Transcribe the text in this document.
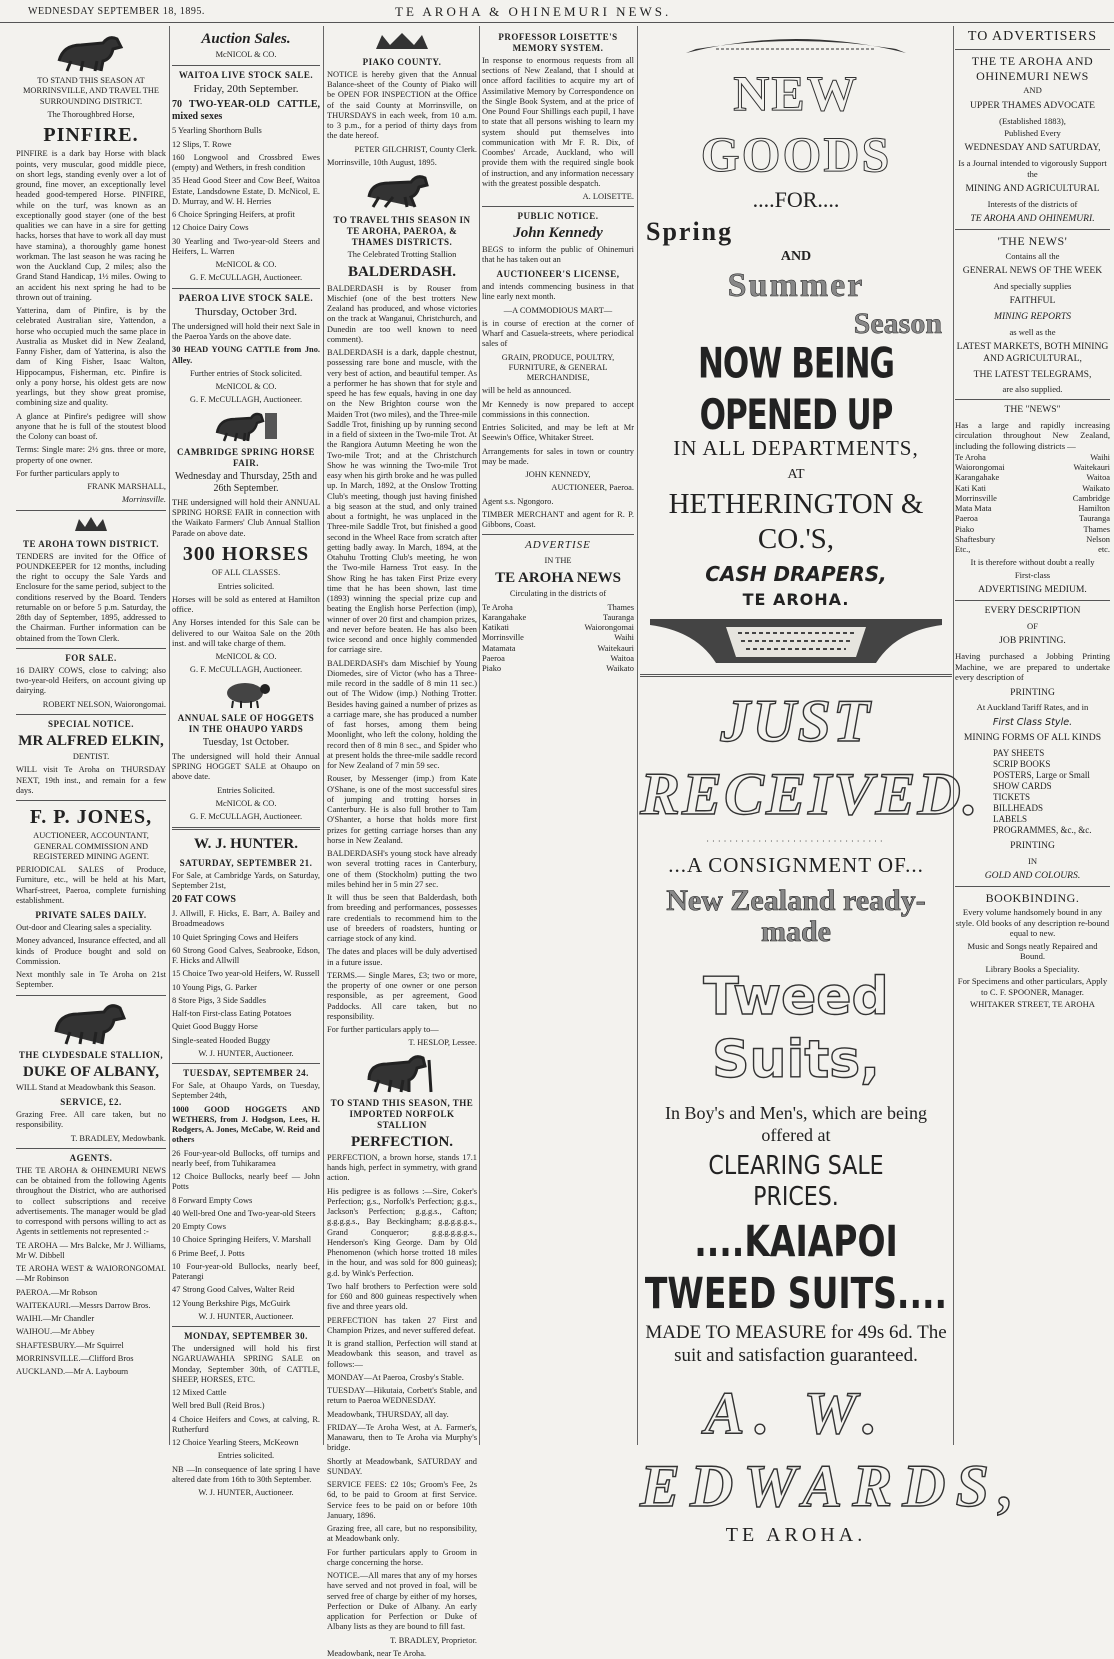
WEDNESDAY SEPTEMBER 18, 1895.	TE AROHA & OHINEMURI NEWS.

TO STAND THIS SEASON AT MORRINSVILLE, AND TRAVEL THE SURROUNDING DISTRICT.

The Thoroughbred Horse,

PINFIRE.

PINFIRE is a dark bay Horse with black points, very muscular, good middle piece, on short legs, standing evenly over a lot of ground, fine mover, an exceptionally level headed good-tempered Horse. PINFIRE, while on the turf, was known as an exceptionally good stayer (one of the best qualities we can have in a sire for getting hacks, horses that have to work all day must have stamina), a thoroughly game honest workman. The last season he was racing he won the Auckland Cup, 2 miles; also the Grand Stand Handicap, 1½ miles. Owing to an accident his next spring he had to be thrown out of training.

Yatterina, dam of Pinfire, is by the celebrated Australian sire, Yattendon, a horse who occupied much the same place in Australia as Musket did in New Zealand, Fanny Fisher, dam of Yatterina, is also the dam of King Fisher, Isaac Walton, Hippocampus, Fisherman, etc. Pinfire is only a pony horse, his oldest gets are now yearlings, but they show great promise, combining size and quality.

A glance at Pinfire's pedigree will show anyone that he is full of the stoutest blood the Colony can boast of.

Terms: Single mare: 2½ gns. three or more, property of one owner.

For further particulars apply to

FRANK MARSHALL,

Morrinsville.

TE AROHA TOWN DISTRICT.

TENDERS are invited for the Office of POUNDKEEPER for 12 months, including the right to occupy the Sale Yards and Enclosure for the same period, subject to the conditions reserved by the Board. Tenders returnable on or before 5 p.m. Saturday, the 28th day of September, 1895, addressed to the Chairman. Further information can be obtained from the Town Clerk.

FOR SALE.

16 DAIRY COWS, close to calving; also two-year-old Heifers, on account giving up dairying.

ROBERT NELSON, Waiorongomai.

SPECIAL NOTICE.

MR ALFRED ELKIN,

DENTIST.

WILL visit Te Aroha on THURSDAY NEXT, 19th inst., and remain for a few days.

F. P. JONES,

AUCTIONEER, ACCOUNTANT, GENERAL COMMISSION AND REGISTERED MINING AGENT.

PERIODICAL SALES of Produce, Furniture, etc., will be held at his Mart, Wharf-street, Paeroa, complete furnishing establishment.

PRIVATE SALES DAILY.

Out-door and Clearing sales a speciality.

Money advanced, Insurance effected, and all kinds of Produce bought and sold on Commission.

Next monthly sale in Te Aroha on 21st September.

THE CLYDESDALE STALLION,

DUKE OF ALBANY,

WILL Stand at Meadowbank this Season.

SERVICE, £2.

Grazing Free. All care taken, but no responsibility.

T. BRADLEY, Medowbank.

AGENTS.

THE TE AROHA & OHINEMURI NEWS can be obtained from the following Agents throughout the District, who are authorised to collect subscriptions and receive advertisements. The manager would be glad to correspond with persons willing to act as Agents in settlements not represented :-

TE AROHA — Mrs Balcke, Mr J. Williams, Mr W. Dibbell

TE AROHA WEST & WAIORONGOMAI.—Mr Robinson

PAEROA.—Mr Robson

WAITEKAURI.—Messrs Darrow Bros.

WAIHI.—Mr Chandler

WAIHOU.—Mr Abbey

SHAFTESBURY.—Mr Squirrel

MORRINSVILLE.—Clifford Bros

AUCKLAND.—Mr A. Laybourn

Auction Sales.

McNICOL & CO.

WAITOA LIVE STOCK SALE.

Friday, 20th September.

70 TWO-YEAR-OLD CATTLE, mixed sexes

5 Yearling Shorthorn Bulls

12 Slips, T. Rowe

160 Longwool and Crossbred Ewes (empty) and Wethers, in fresh condition

35 Head Good Steer and Cow Beef, Waitoa Estate, Landsdowne Estate, D. McNicol, E. D. Murray, and W. H. Herries

6 Choice Springing Heifers, at profit

12 Choice Dairy Cows

30 Yearling and Two-year-old Steers and Heifers, L. Warren

McNICOL & CO.

G. F. McCULLAGH, Auctioneer.

PAEROA LIVE STOCK SALE.

Thursday, October 3rd.

The undersigned will hold their next Sale in the Paeroa Yards on the above date.

30 HEAD YOUNG CATTLE from Jno. Alley.

Further entries of Stock solicited.

McNICOL & CO.

G. F. McCULLAGH, Auctioneer.

CAMBRIDGE SPRING HORSE FAIR.

Wednesday and Thursday, 25th and 26th September.

THE undersigned will hold their ANNUAL SPRING HORSE FAIR in connection with the Waikato Farmers' Club Annual Stallion Parade on above date.

300 HORSES

OF ALL CLASSES.

Entries solicited.

Horses will be sold as entered at Hamilton office.

Any Horses intended for this Sale can be delivered to our Waitoa Sale on the 20th inst. and will take charge of them.

McNICOL & CO.

G. F. McCULLAGH, Auctioneer.

ANNUAL SALE OF HOGGETS IN THE OHAUPO YARDS

Tuesday, 1st October.

The undersigned will hold their Annual SPRING HOGGET SALE at Ohaupo on above date.

Entries Solicited.

McNICOL & CO.

G. F. McCULLAGH, Auctioneer.

W. J. HUNTER.

SATURDAY, SEPTEMBER 21.

For Sale, at Cambridge Yards, on Saturday, September 21st,

20 FAT COWS

J. Allwill, F. Hicks, E. Barr, A. Bailey and Broadmeadows

10 Quiet Springing Cows and Heifers

60 Strong Good Calves, Seabrooke, Edson, F. Hicks and Allwill

15 Choice Two year-old Heifers, W. Russell

10 Young Pigs, G. Parker

8 Store Pigs, 3 Side Saddles

Half-ton First-class Eating Potatoes

Quiet Good Buggy Horse

Single-seated Hooded Buggy

W. J. HUNTER, Auctioneer.

TUESDAY, SEPTEMBER 24.

For Sale, at Ohaupo Yards, on Tuesday, September 24th,

1000 GOOD HOGGETS AND WETHERS, from J. Hodgson, Lees, H. Rodgers, A. Jones, McCabe, W. Reid and others

26 Four-year-old Bullocks, off turnips and nearly beef, from Tuhikaramea

12 Choice Bullocks, nearly beef — John Potts

8 Forward Empty Cows

40 Well-bred One and Two-year-old Steers

20 Empty Cows

10 Choice Springing Heifers, V. Marshall

6 Prime Beef, J. Potts

10 Four-year-old Bullocks, nearly beef, Paterangi

47 Strong Good Calves, Walter Reid

12 Young Berkshire Pigs, McGuirk

W. J. HUNTER, Auctioneer.

MONDAY, SEPTEMBER 30.

The undersigned will hold his first NGARUAWAHIA SPRING SALE on Monday, September 30th, of CATTLE, SHEEP, HORSES, ETC.

12 Mixed Cattle

Well bred Bull (Reid Bros.)

4 Choice Heifers and Cows, at calving, R. Rutherfurd

12 Choice Yearling Steers, McKeown

Entries solicited.

NB —In consequence of late spring I have altered date from 16th to 30th September.

W. J. HUNTER, Auctioneer.

PIAKO COUNTY.

NOTICE is hereby given that the Annual Balance-sheet of the County of Piako will be OPEN FOR INSPECTION at the Office of the said County at Morrinsville, on THURSDAYS in each week, from 10 a.m. to 3 p.m., for a period of thirty days from the date hereof.

PETER GILCHRIST, County Clerk.

Morrinsville, 10th August, 1895.

TO TRAVEL THIS SEASON IN TE AROHA, PAEROA, & THAMES DISTRICTS.

The Celebrated Trotting Stallion

BALDERDASH.

BALDERDASH is by Rouser from Mischief (one of the best trotters New Zealand has produced, and whose victories on the track at Wanganui, Christchurch, and Dunedin are too well known to need comment).

BALDERDASH is a dark, dapple chestnut, possessing rare bone and muscle, with the very best of action, and beautiful temper. As a performer he has shown that for style and speed he has few equals, having in one day on the New Brighton course won the Maiden Trot (two miles), and the Three-mile Saddle Trot, finishing up by running second in a field of sixteen in the Two-mile Trot. At the Rangiora Autumn Meeting he won the Two-mile Trot; and at the Christchurch Show he was winning the Two-mile Trot easy when his girth broke and he was pulled up. In March, 1892, at the Onslow Trotting Club's meeting, though just having finished a big season at the stud, and only trained about a fortnight, he was unplaced in the Three-mile Saddle Trot, but finished a good second in the Wheel Race from scratch after getting badly away. In March, 1894, at the Otahuhu Trotting Club's meeting, he won the Two-mile Harness Trot easy. In the Show Ring he has taken First Prize every time that he has been shown, last time (1893) winning the special prize cup and beating the English horse Perfection (imp), winner of over 20 first and champion prizes, and never before beaten. He has also been twice second and once highly commended for carriage sire.

BALDERDASH's dam Mischief by Young Diomedes, sire of Victor (who has a Three-mile record in the saddle of 8 min 11 sec.) out of The Widow (imp.) Nothing Trotter. Besides having gained a number of prizes as a carriage mare, she has produced a number of fast horses, among them being Moonlight, who left the colony, holding the record then of 8 min 8 sec., and Spider who at present holds the three-mile saddle record for New Zealand of 7 min 59 sec.

Rouser, by Messenger (imp.) from Kate O'Shane, is one of the most successful sires of jumping and trotting horses in Canterbury. He is also full brother to Tam O'Shanter, a horse that holds more first prizes for getting carriage horses than any horse in New Zealand.

BALDERDASH's young stock have already won several trotting races in Canterbury, one of them (Stockholm) putting the two miles behind her in 5 min 27 sec.

It will thus be seen that Balderdash, both from breeding and performances, possesses rare credentials to recommend him to the use of breeders of roadsters, hunting or carriage stock of any kind.

The dates and places will be duly advertised in a future issue.

TERMS.— Single Mares, £3; two or more, the property of one owner or one person responsible, as per agreement, Good Paddocks. All care taken, but no responsibility.

For further particulars apply to—

T. HESLOP, Lessee.

TO STAND THIS SEASON, THE IMPORTED NORFOLK STALLION

PERFECTION.

PERFECTION, a brown horse, stands 17.1 hands high, perfect in symmetry, with grand action.

His pedigree is as follows :—Sire, Coker's Perfection; g.s., Norfolk's Perfection; g.g.s., Jackson's Perfection; g.g.g.s., Cafton; g.g.g.g.s., Bay Beckingham; g.g.g.g.g.s., Grand Conqueror; g.g.g.g.g.g.s., Henderson's King George. Dam by Old Phenomenon (which horse trotted 18 miles in the hour, and was sold for 800 guineas); g.d. by Wink's Perfection.

Two half brothers to Perfection were sold for £60 and 800 guineas respectively when five and three years old.

PERFECTION has taken 27 First and Champion Prizes, and never suffered defeat.

It is grand stallion, Perfection will stand at Meadowbank this season, and travel as follows:—

MONDAY—At Paeroa, Crosby's Stable.

TUESDAY—Hikutaia, Corbett's Stable, and return to Paeroa WEDNESDAY.

Meadowbank, THURSDAY, all day.

FRIDAY—Te Aroha West, at A. Farmer's, Manawaru, then to Te Aroha via Murphy's bridge.

Shortly at Meadowbank, SATURDAY and SUNDAY.

SERVICE FEES: £2 10s; Groom's Fee, 2s 6d, to be paid to Groom at first Service. Service fees to be paid on or before 10th January, 1896.

Grazing free, all care, but no responsibility, at Meadowbank only.

For further particulars apply to Groom in charge concerning the horse.

NOTICE.—All mares that any of my horses have served and not proved in foal, will be served free of charge by either of my horses, Perfection or Duke of Albany. An early application for Perfection or Duke of Albany lists as they are bound to fill fast.

T. BRADLEY, Proprietor.

Meadowbank, near Te Aroha.

PROFESSOR LOISETTE'S MEMORY SYSTEM.

In response to enormous requests from all sections of New Zealand, that I should at once afford facilities to acquire my art of Assimilative Memory by Correspondence on the Single Book System, and at the price of One Pound Four Shillings each pupil, I have to state that all persons wishing to learn my system should put themselves into communication with Mr F. R. Dix, of Coombes' Arcade, Auckland, who will provide them with the required single book of instruction, and any information necessary with the greatest possible despatch.

A. LOISETTE.

PUBLIC NOTICE.

John Kennedy

BEGS to inform the public of Ohinemuri that he has taken out an

AUCTIONEER'S LICENSE,

and intends commencing business in that line early next month.

—A COMMODIOUS MART—

is in course of erection at the corner of Wharf and Casuela-streets, where periodical sales of

GRAIN, PRODUCE, POULTRY, FURNITURE, & GENERAL MERCHANDISE,

will be held as announced.

Mr Kennedy is now prepared to accept commissions in this connection.

Entries Solicited, and may be left at Mr Seewin's Office, Whitaker Street.

Arrangements for sales in town or country may be made.

JOHN KENNEDY,

AUCTIONEER, Paeroa.

Agent s.s. Ngongoro.

TIMBER MERCHANT and agent for R. P. Gibbons, Coast.

ADVERTISE

IN THE

TE AROHA NEWS

Circulating in the districts of

Te Aroha	Thames
Karangahake	Tauranga
Katikati	Waiorongomai
Morrinsville	Waihi
Matamata	Waitekauri
Paeroa	Waitoa
Piako	Waikato
NEW GOODS
....FOR....
Spring
AND
Summer
Season
NOW BEING OPENED UP
IN ALL DEPARTMENTS,
AT
HETHERINGTON & CO.'S,
CASH DRAPERS,
TE AROHA.
JUST RECEIVED.
·······························
...A CONSIGNMENT OF...
New Zealand ready-made
Tweed Suits,
In Boy's and Men's, which are being offered at
CLEARING SALE PRICES.
....KAIAPOI TWEED SUITS....
MADE TO MEASURE for 49s 6d. The suit and satisfaction guaranteed.
A. W. EDWARDS,
TE AROHA.
TO ADVERTISERS
THE TE AROHA AND OHINEMURI NEWS
AND
UPPER THAMES ADVOCATE
(Established 1883),
Published Every
WEDNESDAY AND SATURDAY,
Is a Journal intended to vigorously Support the
MINING AND AGRICULTURAL
Interests of the districts of
TE AROHA AND OHINEMURI.
'THE NEWS'
Contains all the
GENERAL NEWS OF THE WEEK
And specially supplies
FAITHFUL
MINING REPORTS
as well as the
LATEST MARKETS, BOTH MINING AND AGRICULTURAL,
THE LATEST TELEGRAMS,
are also supplied.
THE "NEWS"
Has a large and rapidly increasing circulation throughout New Zealand, including the following districts —
Te Aroha	Waihi
Waiorongomai	Waitekauri
Karangahake	Waitoa
Kati Kati	Waikato
Morrinsville	Cambridge
Mata Mata	Hamilton
Paeroa	Tauranga
Piako	Thames
Shaftesbury	Nelson
Etc.,	etc.
It is therefore without doubt a really
First-class
ADVERTISING MEDIUM.
EVERY DESCRIPTION
OF
JOB PRINTING.
Having purchased a Jobbing Printing Machine, we are prepared to undertake every description of
PRINTING
At Auckland Tariff Rates, and in
First Class Style.
MINING FORMS OF ALL KINDS
PAY SHEETS
SCRIP BOOKS
POSTERS, Large or Small
SHOW CARDS
TICKETS
BILLHEADS
LABELS
PROGRAMMES, &c., &c.
PRINTING
IN
GOLD AND COLOURS.
BOOKBINDING.
Every volume handsomely bound in any style. Old books of any description re-bound equal to new.
Music and Songs neatly Repaired and Bound.
Library Books a Speciality.
For Specimens and other particulars, Apply to C. F. SPOONER, Manager.
WHITAKER STREET, TE AROHA
